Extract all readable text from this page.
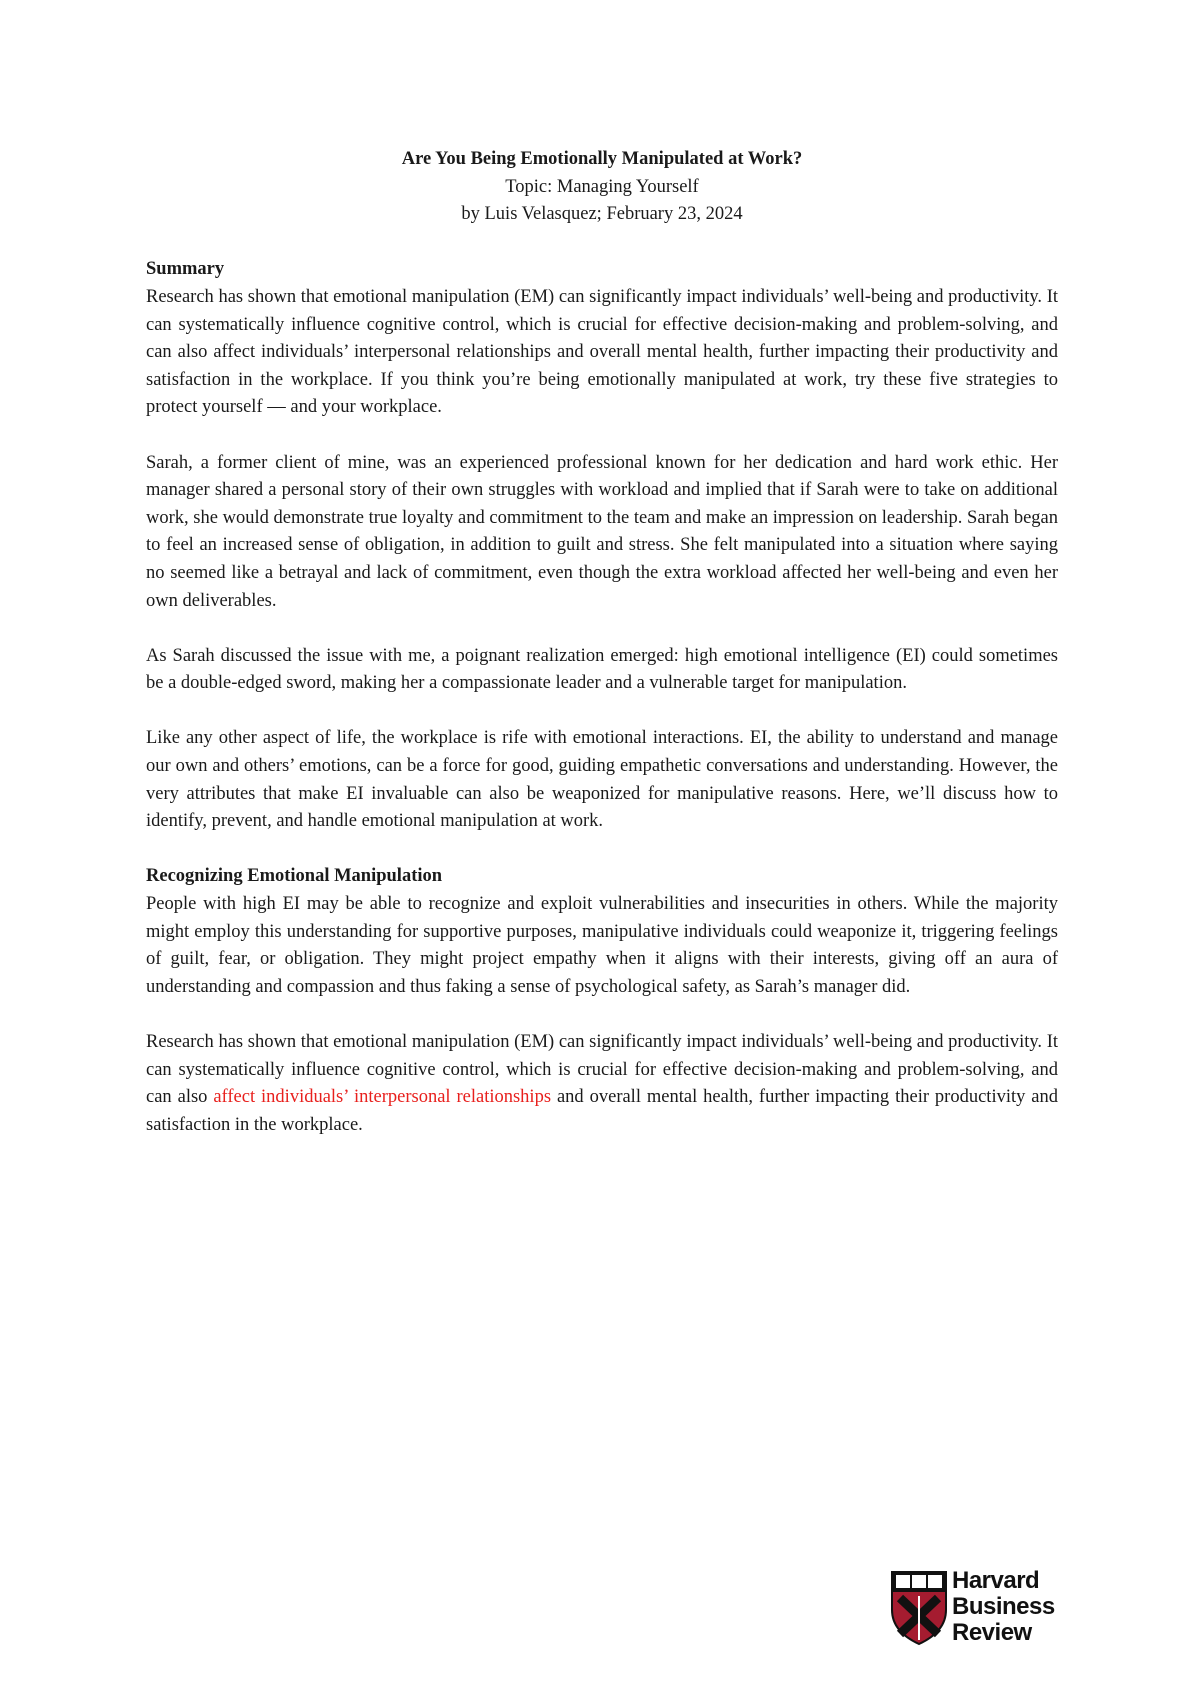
Are You Being Emotionally Manipulated at Work?
Topic: Managing Yourself
by Luis Velasquez; February 23, 2024
Summary

Research has shown that emotional manipulation (EM) can significantly impact individuals’ well-being and productivity. It can systematically influence cognitive control, which is crucial for effective decision-making and problem-solving, and can also affect individuals’ interpersonal relationships and overall mental health, further impacting their productivity and satisfaction in the workplace. If you think you’re being emotionally manipulated at work, try these five strategies to protect yourself — and your workplace.

Sarah, a former client of mine, was an experienced professional known for her dedication and hard work ethic. Her manager shared a personal story of their own struggles with workload and implied that if Sarah were to take on additional work, she would demonstrate true loyalty and commitment to the team and make an impression on leadership. Sarah began to feel an increased sense of obligation, in addition to guilt and stress. She felt manipulated into a situation where saying no seemed like a betrayal and lack of commitment, even though the extra workload affected her well-being and even her own deliverables.

As Sarah discussed the issue with me, a poignant realization emerged: high emotional intelligence (EI) could sometimes be a double-edged sword, making her a compassionate leader and a vulnerable target for manipulation.

Like any other aspect of life, the workplace is rife with emotional interactions. EI, the ability to understand and manage our own and others’ emotions, can be a force for good, guiding empathetic conversations and understanding. However, the very attributes that make EI invaluable can also be weaponized for manipulative reasons. Here, we’ll discuss how to identify, prevent, and handle emotional manipulation at work.

Recognizing Emotional Manipulation

People with high EI may be able to recognize and exploit vulnerabilities and insecurities in others. While the majority might employ this understanding for supportive purposes, manipulative individuals could weaponize it, triggering feelings of guilt, fear, or obligation. They might project empathy when it aligns with their interests, giving off an aura of understanding and compassion and thus faking a sense of psychological safety, as Sarah’s manager did.

Research has shown that emotional manipulation (EM) can significantly impact individuals’ well-being and productivity. It can systematically influence cognitive control, which is crucial for effective decision-making and problem-solving, and can also affect individuals’ interpersonal relationships and overall mental health, further impacting their productivity and satisfaction in the workplace.

Harvard
Business
Review
